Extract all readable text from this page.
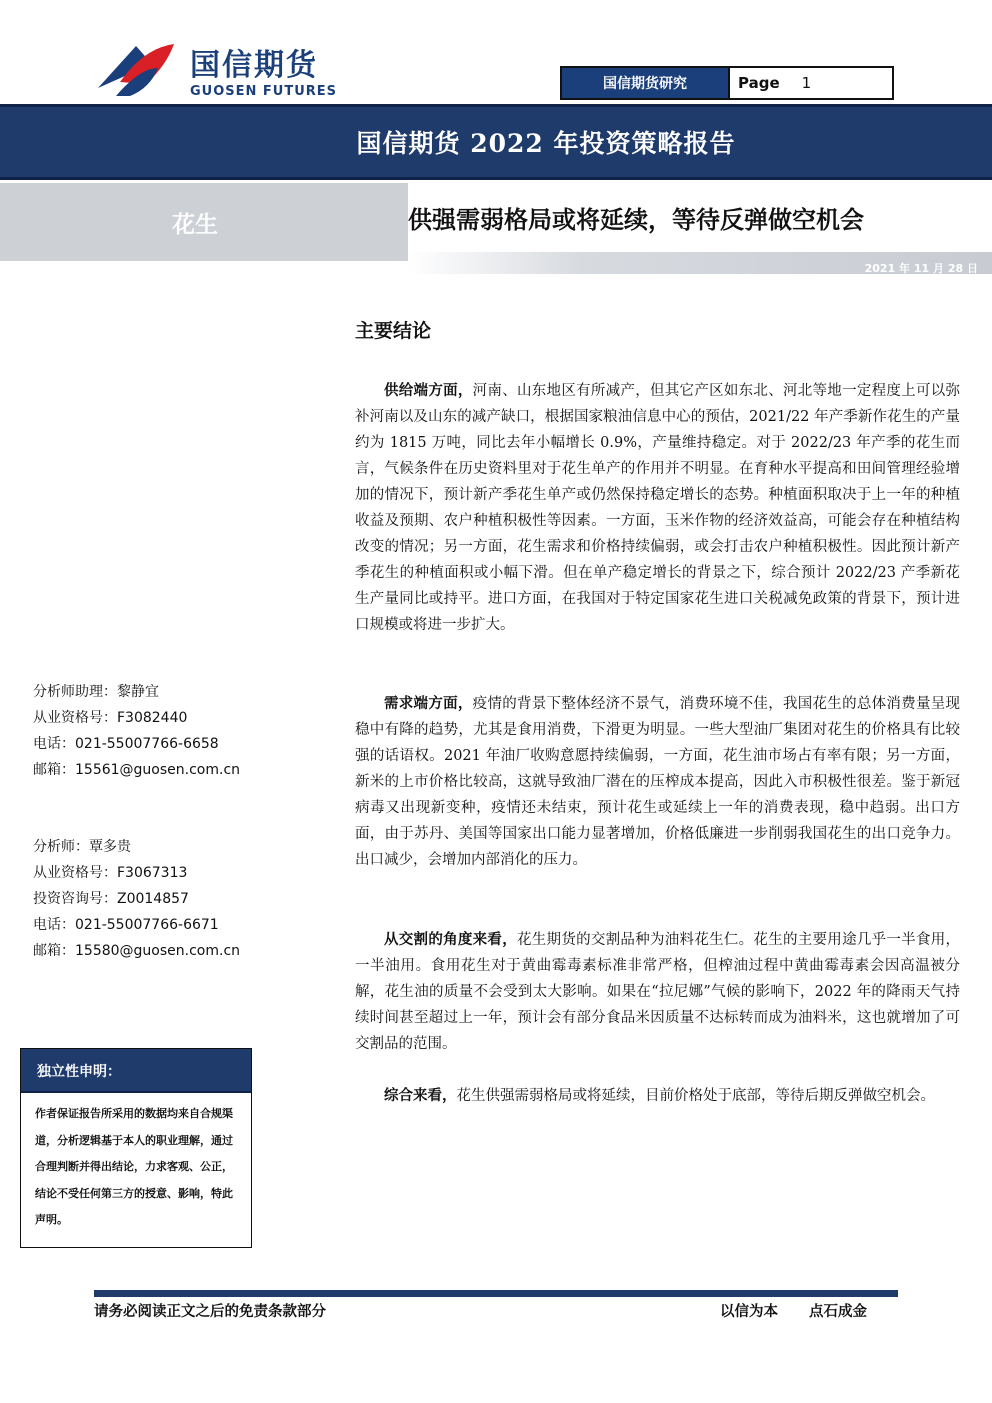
国信期货
GUOSEN FUTURES	国信期货研究	Page 1
国信期货 2022 年投资策略报告
花生	供强需弱格局或将延续，等待反弹做空机会
2021 年 11 月 28 日
主要结论

供给端方面，河南、山东地区有所减产，但其它产区如东北、河北等地一定程度上可以弥补河南以及山东的减产缺口，根据国家粮油信息中心的预估，2021/22 年产季新作花生的产量约为 1815 万吨，同比去年小幅增长 0.9%，产量维持稳定。对于 2022/23 年产季的花生而言，气候条件在历史资料里对于花生单产的作用并不明显。在育种水平提高和田间管理经验增加的情况下，预计新产季花生单产或仍然保持稳定增长的态势。种植面积取决于上一年的种植收益及预期、农户种植积极性等因素。一方面，玉米作物的经济效益高，可能会存在种植结构改变的情况；另一方面，花生需求和价格持续偏弱，或会打击农户种植积极性。因此预计新产季花生的种植面积或小幅下滑。但在单产稳定增长的背景之下，综合预计 2022/23 产季新花生产量同比或持平。进口方面，在我国对于特定国家花生进口关税减免政策的背景下，预计进口规模或将进一步扩大。

需求端方面，疫情的背景下整体经济不景气，消费环境不佳，我国花生的总体消费量呈现稳中有降的趋势，尤其是食用消费，下滑更为明显。一些大型油厂集团对花生的价格具有比较强的话语权。2021 年油厂收购意愿持续偏弱，一方面，花生油市场占有率有限；另一方面，新米的上市价格比较高，这就导致油厂潜在的压榨成本提高，因此入市积极性很差。鉴于新冠病毒又出现新变种，疫情还未结束，预计花生或延续上一年的消费表现，稳中趋弱。出口方面，由于苏丹、美国等国家出口能力显著增加，价格低廉进一步削弱我国花生的出口竞争力。出口减少，会增加内部消化的压力。

从交割的角度来看，花生期货的交割品种为油料花生仁。花生的主要用途几乎一半食用，一半油用。食用花生对于黄曲霉毒素标准非常严格，但榨油过程中黄曲霉毒素会因高温被分解，花生油的质量不会受到太大影响。如果在“拉尼娜”气候的影响下，2022 年的降雨天气持续时间甚至超过上一年，预计会有部分食品米因质量不达标转而成为油料米，这也就增加了可交割品的范围。

综合来看，花生供强需弱格局或将延续，目前价格处于底部，等待后期反弹做空机会。

分析师助理：黎静宜
从业资格号：F3082440
电话：021-55007766-6658
邮箱：15561@guosen.com.cn
分析师：覃多贵
从业资格号：F3067313
投资咨询号：Z0014857
电话：021-55007766-6671
邮箱：15580@guosen.com.cn
独立性申明：
作者保证报告所采用的数据均来自合规渠道，分析逻辑基于本人的职业理解，通过合理判断并得出结论，力求客观、公正，结论不受任何第三方的授意、影响，特此声明。
请务必阅读正文之后的免责条款部分	以信为本 点石成金
